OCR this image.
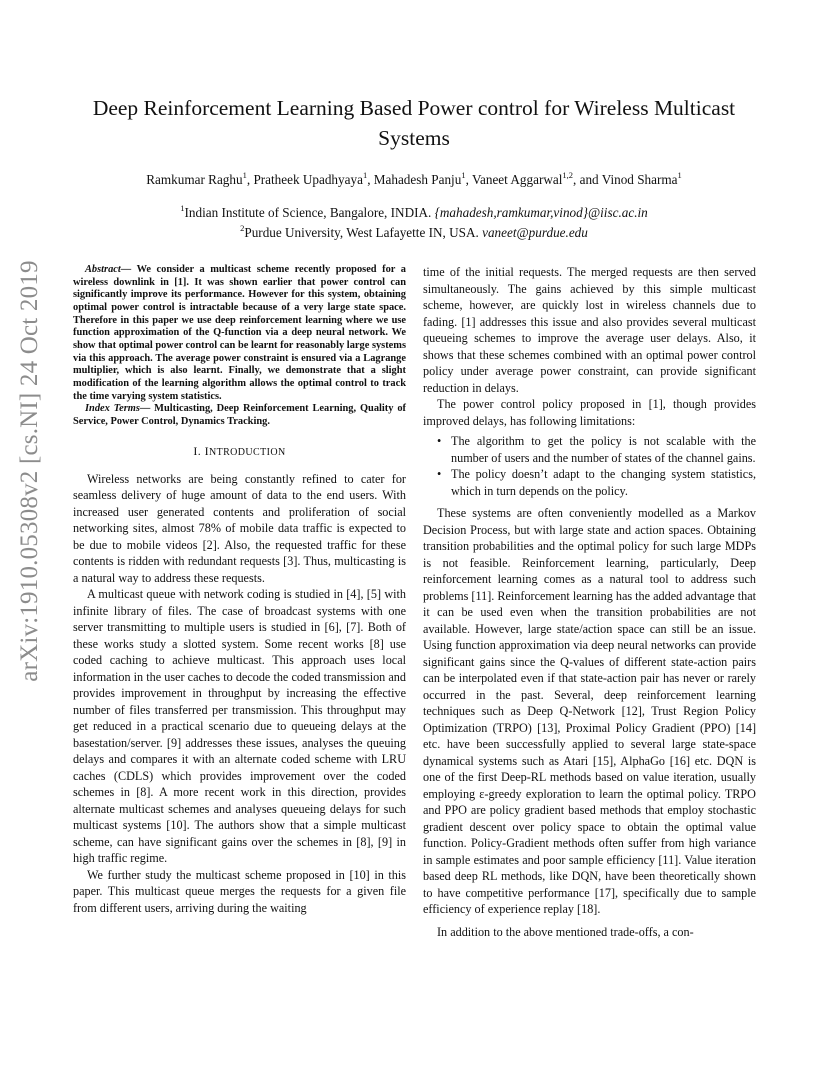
Deep Reinforcement Learning Based Power control for Wireless Multicast Systems
Ramkumar Raghu$^1$, Pratheek Upadhyaya$^1$, Mahadesh Panju$^1$, Vaneet Aggarwal$^{1,2}$, and Vinod Sharma$^1$
$^1$Indian Institute of Science, Bangalore, INDIA. {mahadesh,ramkumar,vinod}@iisc.ac.in
$^2$Purdue University, West Lafayette IN, USA. vaneet@purdue.edu
arXiv:1910.05308v2 [cs.NI] 24 Oct 2019	Abstract— We consider a multicast scheme recently proposed for a wireless downlink in [1]. It was shown earlier that power control can significantly improve its performance. However for this system, obtaining optimal power control is intractable because of a very large state space. Therefore in this paper we use deep reinforcement learning where we use function approximation of the Q-function via a deep neural network. We show that optimal power control can be learnt for reasonably large systems via this approach. The average power constraint is ensured via a Lagrange multiplier, which is also learnt. Finally, we demonstrate that a slight modification of the learning algorithm allows the optimal control to track the time varying system statistics.

Index Terms— Multicasting, Deep Reinforcement Learning, Quality of Service, Power Control, Dynamics Tracking.

I. INTRODUCTION

Wireless networks are being constantly refined to cater for seamless delivery of huge amount of data to the end users. With increased user generated contents and proliferation of social networking sites, almost 78% of mobile data traffic is expected to be due to mobile videos [2]. Also, the requested traffic for these contents is ridden with redundant requests [3]. Thus, multicasting is a natural way to address these requests.

A multicast queue with network coding is studied in [4], [5] with infinite library of files. The case of broadcast systems with one server transmitting to multiple users is studied in [6], [7]. Both of these works study a slotted system. Some recent works [8] use coded caching to achieve multicast. This approach uses local information in the user caches to decode the coded transmission and provides improvement in throughput by increasing the effective number of files transferred per transmission. This throughput may get reduced in a practical scenario due to queueing delays at the basestation/server. [9] addresses these issues, analyses the queuing delays and compares it with an alternate coded scheme with LRU caches (CDLS) which provides improvement over the coded schemes in [8]. A more recent work in this direction, provides alternate multicast schemes and analyses queueing delays for such multicast systems [10]. The authors show that a simple multicast scheme, can have significant gains over the schemes in [8], [9] in high traffic regime.

We further study the multicast scheme proposed in [10] in this paper. This multicast queue merges the requests for a given file from different users, arriving during the waiting

time of the initial requests. The merged requests are then served simultaneously. The gains achieved by this simple multicast scheme, however, are quickly lost in wireless channels due to fading. [1] addresses this issue and also provides several multicast queueing schemes to improve the average user delays. Also, it shows that these schemes combined with an optimal power control policy under average power constraint, can provide significant reduction in delays.

The power control policy proposed in [1], though provides improved delays, has following limitations:

• The algorithm to get the policy is not scalable with the number of users and the number of states of the channel gains.
• The policy doesn’t adapt to the changing system statistics, which in turn depends on the policy.

These systems are often conveniently modelled as a Markov Decision Process, but with large state and action spaces. Obtaining transition probabilities and the optimal policy for such large MDPs is not feasible. Reinforcement learning, particularly, Deep reinforcement learning comes as a natural tool to address such problems [11]. Reinforcement learning has the added advantage that it can be used even when the transition probabilities are not available. However, large state/action space can still be an issue. Using function approximation via deep neural networks can provide significant gains since the Q-values of different state-action pairs can be interpolated even if that state-action pair has never or rarely occurred in the past. Several, deep reinforcement learning techniques such as Deep Q-Network [12], Trust Region Policy Optimization (TRPO) [13], Proximal Policy Gradient (PPO) [14] etc. have been successfully applied to several large state-space dynamical systems such as Atari [15], AlphaGo [16] etc. DQN is one of the first Deep-RL methods based on value iteration, usually employing ε-greedy exploration to learn the optimal policy. TRPO and PPO are policy gradient based methods that employ stochastic gradient descent over policy space to obtain the optimal value function. Policy-Gradient methods often suffer from high variance in sample estimates and poor sample efficiency [11]. Value iteration based deep RL methods, like DQN, have been theoretically shown to have competitive performance [17], specifically due to sample efficiency of experience replay [18].

In addition to the above mentioned trade-offs, a con-
